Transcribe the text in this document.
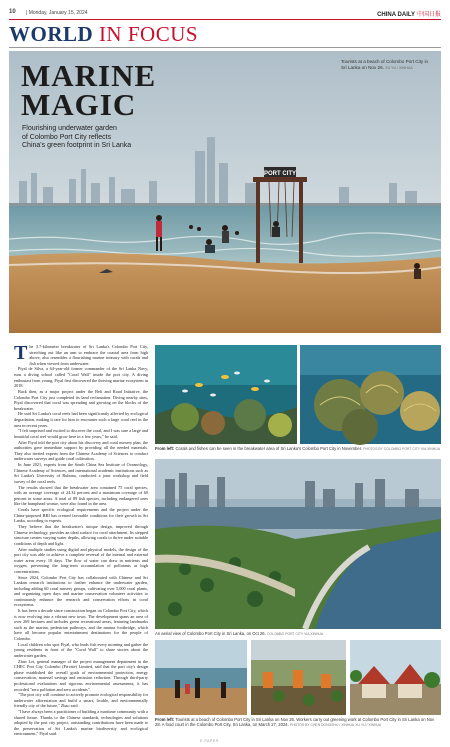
10 | Monday, January 15, 2024	CHINA DAILY 中国日报
WORLD IN FOCUS
PORT CITY
MARINE
MAGIC
Flourishing underwater garden
of Colombo Port City reflects
China's green footprint in Sri Lanka
Tourists at a beach of Colombo Port City in Sri Lanka on Nov 26. XU YU / XINHUA

The 3.7-kilometer breakwater of Sri Lanka's Colombo Port City, stretching out like an arm to embrace the coastal area from high above, also resembles a flourishing marine treasury with corals and fish when viewed from underwater.

Piyal de Silva, a 64-year-old former commander of the Sri Lanka Navy, runs a diving school called "Coral Wall" inside the port city. A diving enthusiast from young, Piyal first discovered the thriving marine ecosystem in 2018.

Back then, as a major project under the Belt and Road Initiative, the Colombo Port City just completed its land reclamation. Diving nearby sites, Piyal discovered that coral was spreading and growing on the blocks of the breakwater.

He said Sri Lanka's coral reefs had been significantly affected by ecological degradation, making it rare for him to encounter such a large coral reef in the area in recent years.

"I felt surprised and excited to discover the coral, and I was sure a large and beautiful coral reef would grow here in a few years," he said.

After Piyal told the port city about his discovery and coral nursery plan, the authorities gave immediate support by providing all the needed materials. They also invited experts from the Chinese Academy of Sciences to conduct underwater surveys and guide coral cultivation.

In June 2021, experts from the South China Sea Institute of Oceanology, Chinese Academy of Sciences, and international academic institutions such as Sri Lanka's University of Ruhuna, conducted a joint workshop and field survey of the coral reefs.

The results showed that the breakwater area contained 75 coral species, with an average coverage of 24.34 percent and a maximum coverage of 60 percent in some areas. A total of 89 fish species, including endangered ones like the humphead wrasse, were also found in the area.

Corals have specific ecological requirements and the project under the China-proposed BRI has created favorable conditions for their growth in Sri Lanka, according to experts.

They believe that the breakwater's unique design, improved through Chinese technology, provides an ideal surface for coral attachment. Its stepped structure creates varying water depths, allowing corals to thrive under suitable conditions of depth and light.

After multiple studies using digital and physical models, the design of the port city was able to achieve a complete reversal of the internal and external water areas every 10 days. The flow of water can draw in nutrients and oxygen, preventing the long-term accumulation of pollutants at high concentrations.

Since 2024, Colombo Port City has collaborated with Chinese and Sri Lankan research institutions to further enhance the underwater garden, including adding 60 coral nursery groups, cultivating over 5,000 coral plants, and organizing open days and marine conservation volunteer activities to continuously enhance the research and conservation efforts in coral ecosystems.

It has been a decade since construction began on Colombo Port City, which is now evolving into a vibrant new town. The development spans an area of over 269 hectares and includes green recreational areas, featuring landmarks such as the marina, pedestrian pathways, and the marina footbridge, which have all become popular entertainment destinations for the people of Colombo.

Local children who spot Piyal, who leads fish every morning and gather the young residents in front of the "Coral Wall" to share stories about the underwater garden.

Zhao Lei, general manager of the project management department in the CHEC Port City Colombo (Private) Limited, said that the port city's design phase established the overall goals of environmental protection, energy conservation, material savings and emission reduction. Through third-party professional evaluations and rigorous environmental assessments, it has recorded "zero pollution and zero accidents".

"The port city will continue to actively promote ecological responsibility for underwater afforestation and build a smart, livable, and environmentally friendly city of the future," Zhao said.

"I have always been a practitioner of building a maritime community with a shared future. Thanks to the Chinese standards, technologies and solutions adopted by the port city project, outstanding contributions have been made to the preservation of Sri Lanka's marine biodiversity and ecological environment," Piyal said.

From left: Corals and fishes can be seen in the breakwater area of Sri Lanka's Colombo Port City in November. PHOTOS BY COLOMBO PORT CITY VIA XINHUA
An aerial view of Colombo Port City in Sri Lanka, on Oct 26. COLOMBO PORT CITY VIA XINHUA
From left: Tourists at a beach of Colombo Port City in Sri Lanka on Nov 26. Workers carry out greening work at Colombo Port City in Sri Lanka on Nov 28. A food court in the Colombo Port City, Sri Lanka, on March 27, 2024. PHOTOS BY CHEN DONGSHU / XINHUA XU YU / XINHUA
E-PAPER
